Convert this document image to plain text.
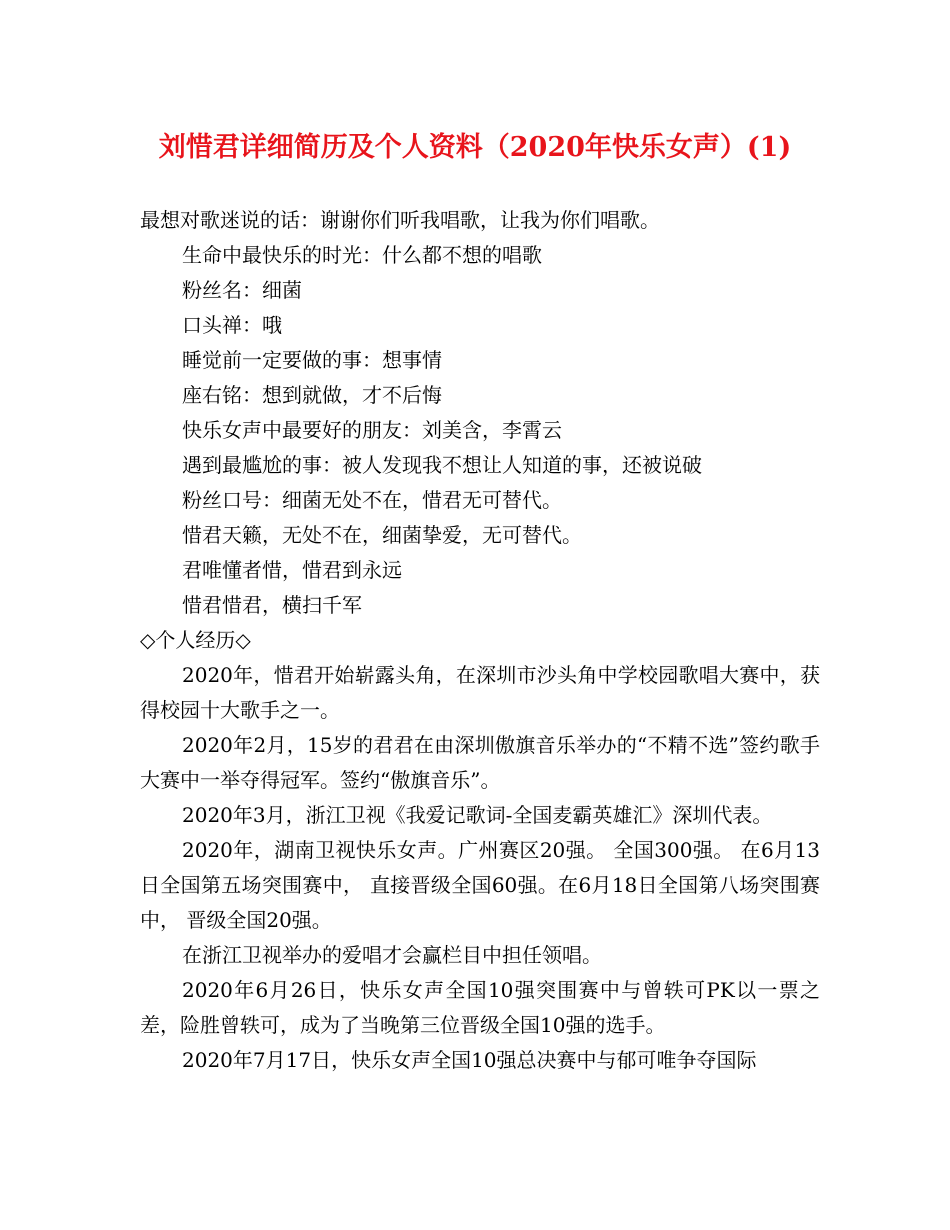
刘惜君详细简历及个人资料（2020年快乐女声）(1)

最想对歌迷说的话：谢谢你们听我唱歌，让我为你们唱歌。

生命中最快乐的时光：什么都不想的唱歌

粉丝名：细菌

口头禅：哦

睡觉前一定要做的事：想事情

座右铭：想到就做，才不后悔

快乐女声中最要好的朋友：刘美含，李霄云

遇到最尴尬的事：被人发现我不想让人知道的事，还被说破

粉丝口号：细菌无处不在，惜君无可替代。

惜君天籁，无处不在，细菌挚爱，无可替代。

君唯懂者惜，惜君到永远

惜君惜君，横扫千军

◇个人经历◇

2020年，惜君开始崭露头角，在深圳市沙头角中学校园歌唱大赛中，获得校园十大歌手之一。

2020年2月，15岁的君君在由深圳傲旗音乐举办的“不精不选”签约歌手大赛中一举夺得冠军。签约“傲旗音乐”。

2020年3月，浙江卫视《我爱记歌词-全国麦霸英雄汇》深圳代表。

2020年，湖南卫视快乐女声。广州赛区20强。 全国300强。 在6月13日全国第五场突围赛中， 直接晋级全国60强。在6月18日全国第八场突围赛中， 晋级全国20强。

在浙江卫视举办的爱唱才会赢栏目中担任领唱。

2020年6月26日，快乐女声全国10强突围赛中与曾轶可PK以一票之差，险胜曾轶可，成为了当晚第三位晋级全国10强的选手。

2020年7月17日，快乐女声全国10强总决赛中与郁可唯争夺国际
